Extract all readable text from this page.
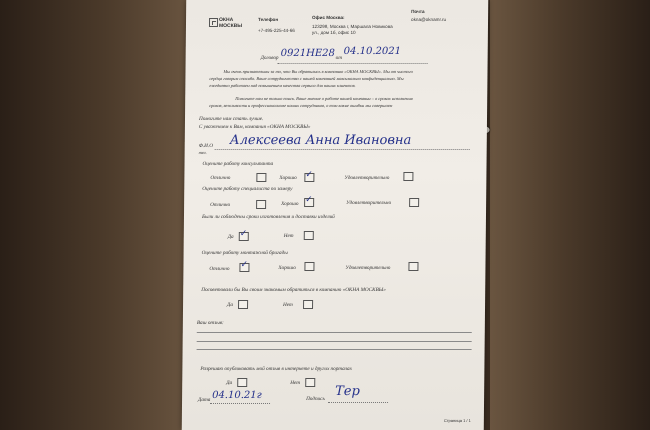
ОКНА
МОСКВЫ
Телефон
+7-495-225-44-66
Офис Москва:
123298, Москва г, Маршала Новикова
ул., дом 1б, офис 10
Почта
okna@oknamr.ru
Договор 0921НЕ28 от
04.10.2021
Мы очень признательны за то, что Вы обратились в компанию «ОКНА МОСКВЫ». Мы от чистого
сердца говорим спасибо. Ваше сотрудничество с нашей компанией максимально конфиденциально. Мы
ежедневно работаем над повышением качества сервиса для наших клиентов.
Помогите нам не только поиск. Ваше мнение о работе нашей компании – о сроках исполнения
сроков, вежливости и профессионализме наших сотрудников, о том какие ошибки мы совершаем
Помогите нам стать лучше.
С уважением к Вам, компания «ОКНА МОСКВЫ»
Ф.И.О Алексеева Анна Ивановна
тел.
Оцените работу консультанта
Отлично	Хорошо ✓	Удовлетворительно
Оцените работу специалиста по замеру
Отлично	Хорошо ✓	Удовлетворительно
Были ли соблюдены сроки изготовления и доставки изделий
Да ✓	Нет
Оцените работу монтажной бригады
Отлично ✓	Хорошо	Удовлетворительно
Посоветовали бы Вы своим знакомым обратиться в компанию «ОКНА МОСКВЫ»
Да	Нет
Ваш отзыв:
Разрешаю опубликовать мой отзыв в интернете и других порталах
Да	Нет
Дата 04.10.21г	Подпись Тер
Страница 1 / 1
